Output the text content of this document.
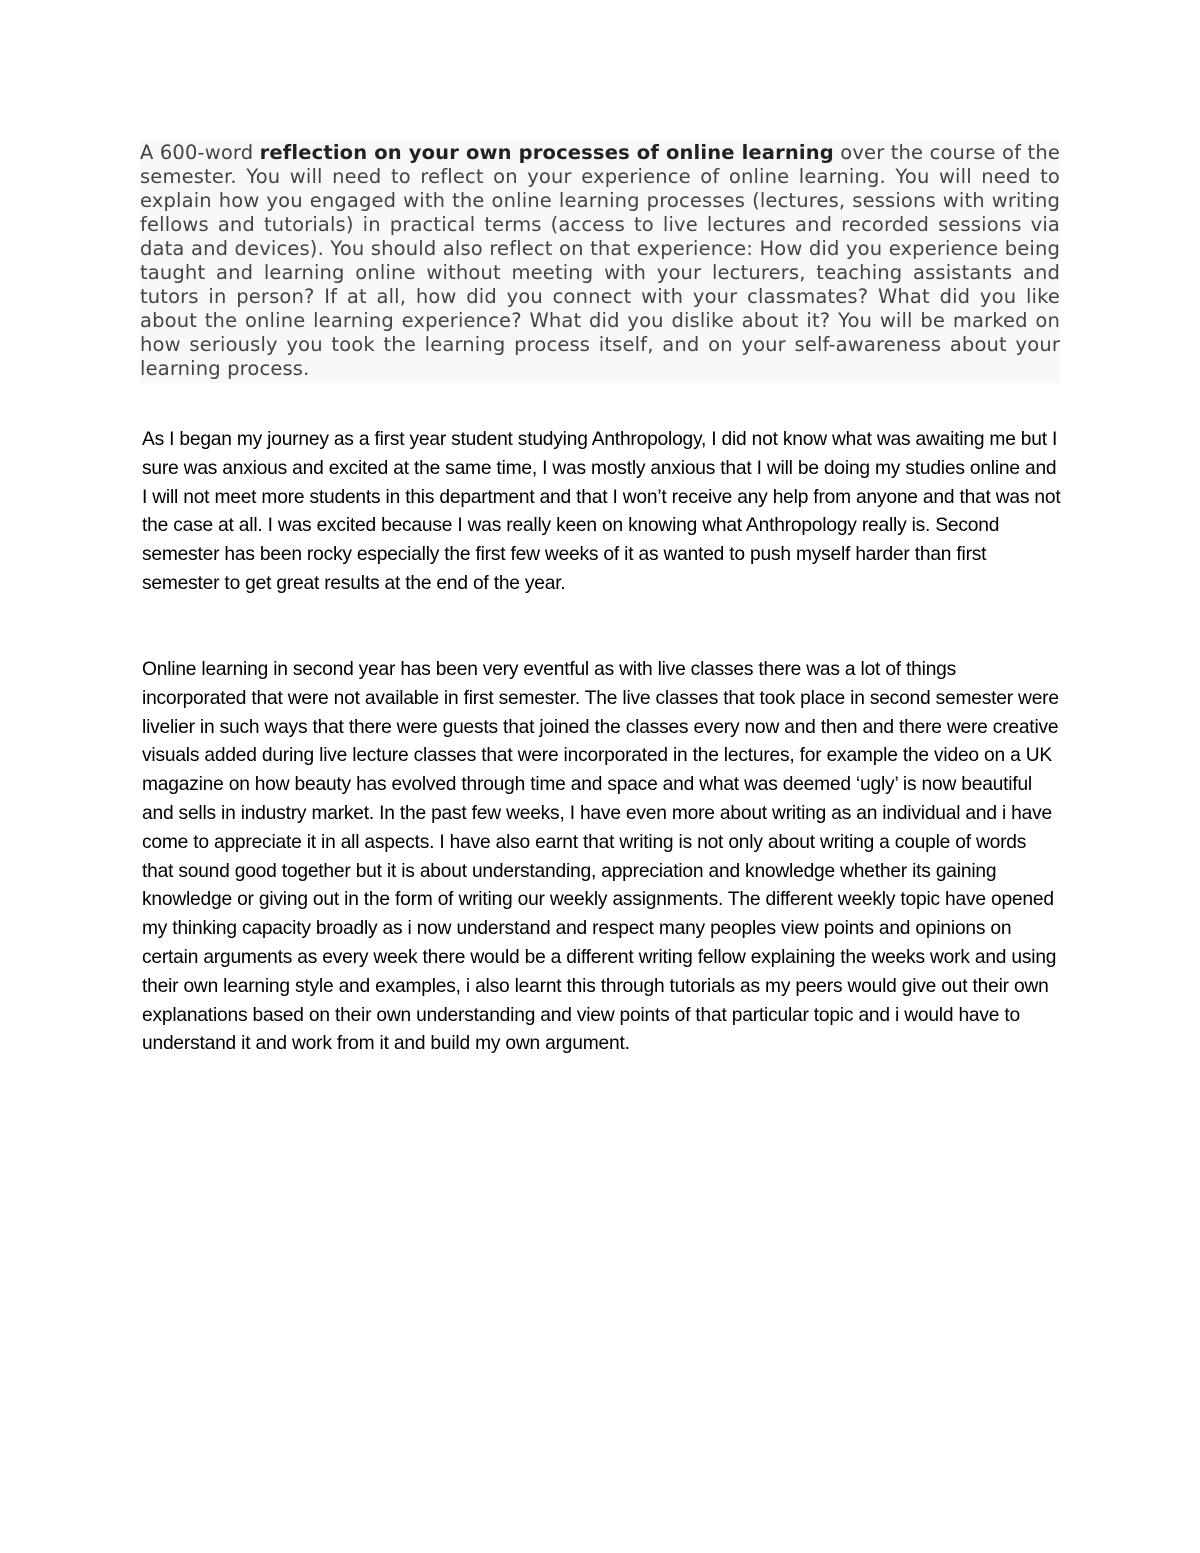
A 600-word reflection on your own processes of online learning over the course of the semester. You will need to reflect on your experience of online learning. You will need to explain how you engaged with the online learning processes (lectures, sessions with writing fellows and tutorials) in practical terms (access to live lectures and recorded sessions via data and devices). You should also reflect on that experience: How did you experience being taught and learning online without meeting with your lecturers, teaching assistants and tutors in person? If at all, how did you connect with your classmates? What did you like about the online learning experience? What did you dislike about it? You will be marked on how seriously you took the learning process itself, and on your self-awareness about your learning process.

As I began my journey as a first year student studying Anthropology, I did not know what was awaiting me but I sure was anxious and excited at the same time, I was mostly anxious that I will be doing my studies online and I will not meet more students in this department and that I won’t receive any help from anyone and that was not the case at all. I was excited because I was really keen on knowing what Anthropology really is. Second semester has been rocky especially the first few weeks of it as wanted to push myself harder than first semester to get great results at the end of the year.

Online learning in second year has been very eventful as with live classes there was a lot of things incorporated that were not available in first semester. The live classes that took place in second semester were livelier in such ways that there were guests that joined the classes every now and then and there were creative visuals added during live lecture classes that were incorporated in the lectures, for example the video on a UK magazine on how beauty has evolved through time and space and what was deemed ‘ugly’ is now beautiful and sells in industry market. In the past few weeks, I have even more about writing as an individual and i have come to appreciate it in all aspects. I have also earnt that writing is not only about writing a couple of words that sound good together but it is about understanding, appreciation and knowledge whether its gaining knowledge or giving out in the form of writing our weekly assignments. The different weekly topic have opened my thinking capacity broadly as i now understand and respect many peoples view points and opinions on certain arguments as every week there would be a different writing fellow explaining the weeks work and using their own learning style and examples, i also learnt this through tutorials as my peers would give out their own explanations based on their own understanding and view points of that particular topic and i would have to understand it and work from it and build my own argument.
